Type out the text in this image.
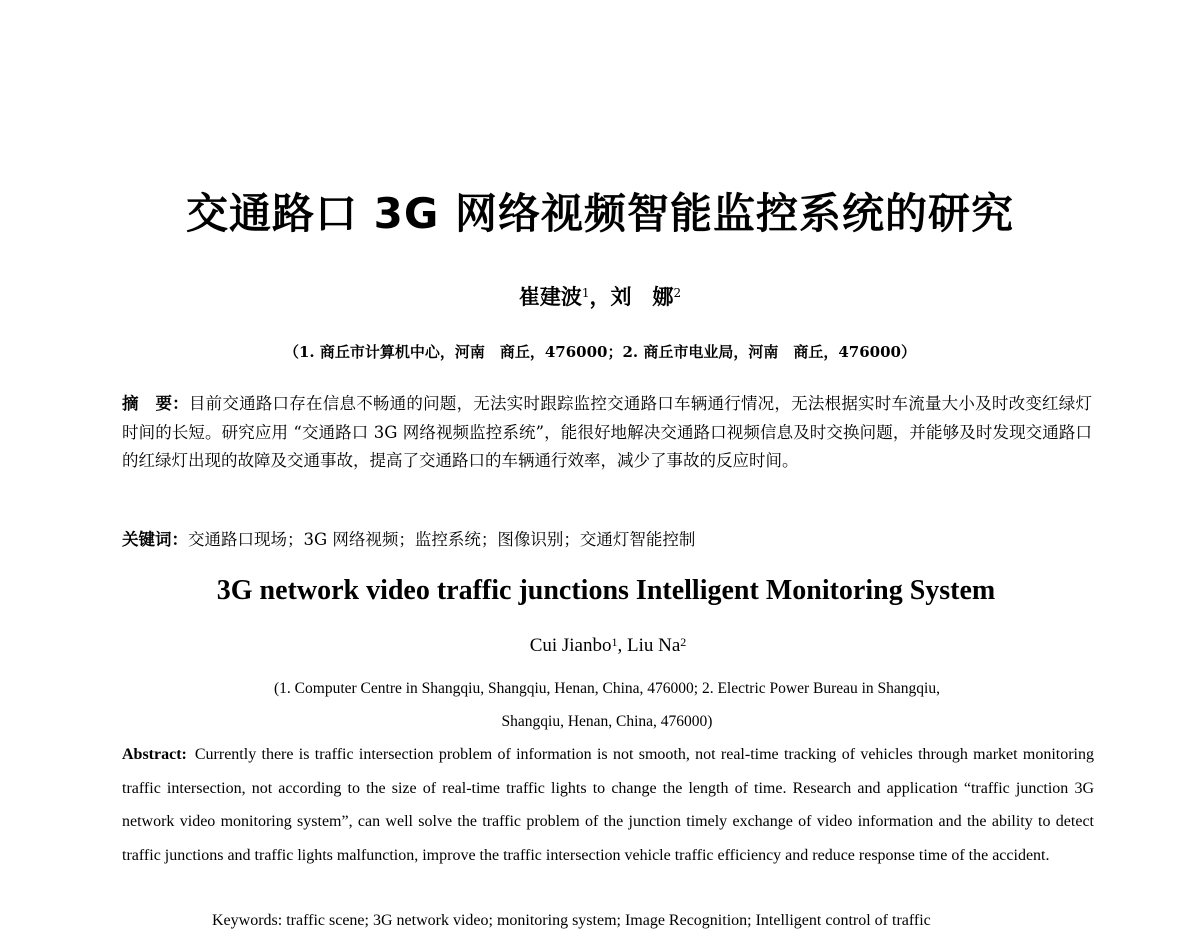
交通路口 3G 网络视频智能监控系统的研究
崔建波$^1$，刘　娜$^2$
（1. 商丘市计算机中心，河南　商丘，476000；2. 商丘市电业局，河南　商丘，476000）
摘　要：目前交通路口存在信息不畅通的问题，无法实时跟踪监控交通路口车辆通行情况，无法根据实时车流量大小及时改变红绿灯时间的长短。研究应用 “交通路口 3G 网络视频监控系统”，能很好地解决交通路口视频信息及时交换问题，并能够及时发现交通路口的红绿灯出现的故障及交通事故，提高了交通路口的车辆通行效率，减少了事故的反应时间。
关键词：交通路口现场；3G 网络视频；监控系统；图像识别；交通灯智能控制
3G network video traffic junctions Intelligent Monitoring System
Cui Jianbo$^1$, Liu Na$^2$
(1. Computer Centre in Shangqiu, Shangqiu, Henan, China, 476000; 2. Electric Power Bureau in Shangqiu,
Shangqiu, Henan, China, 476000)
Abstract: Currently there is traffic intersection problem of information is not smooth, not real-time tracking of vehicles through market monitoring traffic intersection, not according to the size of real-time traffic lights to change the length of time. Research and application “traffic junction 3G network video monitoring system”, can well solve the traffic problem of the junction timely exchange of video information and the ability to detect traffic junctions and traffic lights malfunction, improve the traffic intersection vehicle traffic efficiency and reduce response time of the accident.
Keywords: traffic scene; 3G network video; monitoring system; Image Recognition; Intelligent control of traffic
